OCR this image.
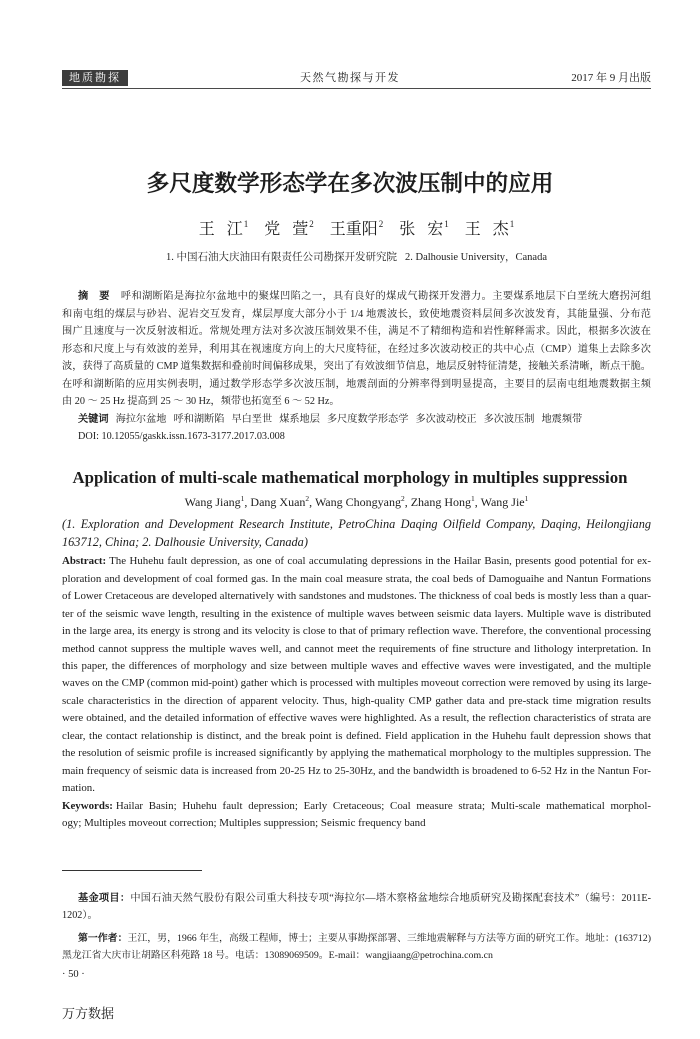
地质勘探	天然气勘探与开发	2017 年 9 月出版
多尺度数学形态学在多次波压制中的应用
王 江$^1$ 党 萱$^2$ 王重阳$^2$ 张 宏$^1$ 王 杰$^1$
1. 中国石油大庆油田有限责任公司勘探开发研究院 2. Dalhousie University，Canada
摘　要 呼和湖断陷是海拉尔盆地中的聚煤凹陷之一，具有良好的煤成气勘探开发潜力。主要煤系地层下白垩统大磨拐河组
和南屯组的煤层与砂岩、泥岩交互发育，煤层厚度大部分小于 1/4 地震波长，致使地震资料层间多次波发育，其能量强、分布范
围广且速度与一次反射波相近。常规处理方法对多次波压制效果不佳，满足不了精细构造和岩性解释需求。因此，根据多次波在
形态和尺度上与有效波的差异，利用其在视速度方向上的大尺度特征，在经过多次波动校正的共中心点（CMP）道集上去除多次
波，获得了高质量的 CMP 道集数据和叠前时间偏移成果，突出了有效波细节信息，地层反射特征清楚，接触关系清晰，断点干脆。
在呼和湖断陷的应用实例表明，通过数学形态学多次波压制，地震剖面的分辨率得到明显提高，主要目的层南屯组地震数据主频
由 20 ～ 25 Hz 提高到 25 ～ 30 Hz，频带也拓宽至 6 ～ 52 Hz。
关键词 海拉尔盆地 呼和湖断陷 早白垩世 煤系地层 多尺度数学形态学 多次波动校正 多次波压制 地震频带
DOI: 10.12055/gaskk.issn.1673-3177.2017.03.008
Application of multi-scale mathematical morphology in multiples suppression
Wang Jiang$^1$, Dang Xuan$^2$, Wang Chongyang$^2$, Zhang Hong$^1$, Wang Jie$^1$
(1. Exploration and Development Research Institute, PetroChina Daqing Oilfield Company, Daqing, Heilongjiang
163712, China; 2. Dalhousie University, Canada)
Abstract: The Huhehu fault depression, as one of coal accumulating depressions in the Hailar Basin, presents good potential for ex-
ploration and development of coal formed gas. In the main coal measure strata, the coal beds of Damoguaihe and Nantun Formations
of Lower Cretaceous are developed alternatively with sandstones and mudstones. The thickness of coal beds is mostly less than a quar-
ter of the seismic wave length, resulting in the existence of multiple waves between seismic data layers. Multiple wave is distributed
in the large area, its energy is strong and its velocity is close to that of primary reflection wave. Therefore, the conventional processing
method cannot suppress the multiple waves well, and cannot meet the requirements of fine structure and lithology interpretation. In
this paper, the differences of morphology and size between multiple waves and effective waves were investigated, and the multiple
waves on the CMP (common mid-point) gather which is processed with multiples moveout correction were removed by using its large-
scale characteristics in the direction of apparent velocity. Thus, high-quality CMP gather data and pre-stack time migration results
were obtained, and the detailed information of effective waves were highlighted. As a result, the reflection characteristics of strata are
clear, the contact relationship is distinct, and the break point is defined. Field application in the Huhehu fault depression shows that
the resolution of seismic profile is increased significantly by applying the mathematical morphology to the multiples suppression. The
main frequency of seismic data is increased from 20-25 Hz to 25-30Hz, and the bandwidth is broadened to 6-52 Hz in the Nantun For-
mation.
Keywords: Hailar Basin; Huhehu fault depression; Early Cretaceous; Coal measure strata; Multi-scale mathematical morphol-
ogy; Multiples moveout correction; Multiples suppression; Seismic frequency band
基金项目：中国石油天然气股份有限公司重大科技专项“海拉尔—塔木察格盆地综合地质研究及勘探配套技术”（编号：2011E-
1202）。
第一作者：王江，男，1966 年生，高级工程师，博士；主要从事勘探部署、三维地震解释与方法等方面的研究工作。地址：(163712)
黑龙江省大庆市让胡路区科苑路 18 号。电话：13089069509。E-mail：wangjiaang@petrochina.com.cn
· 50 ·
万方数据
